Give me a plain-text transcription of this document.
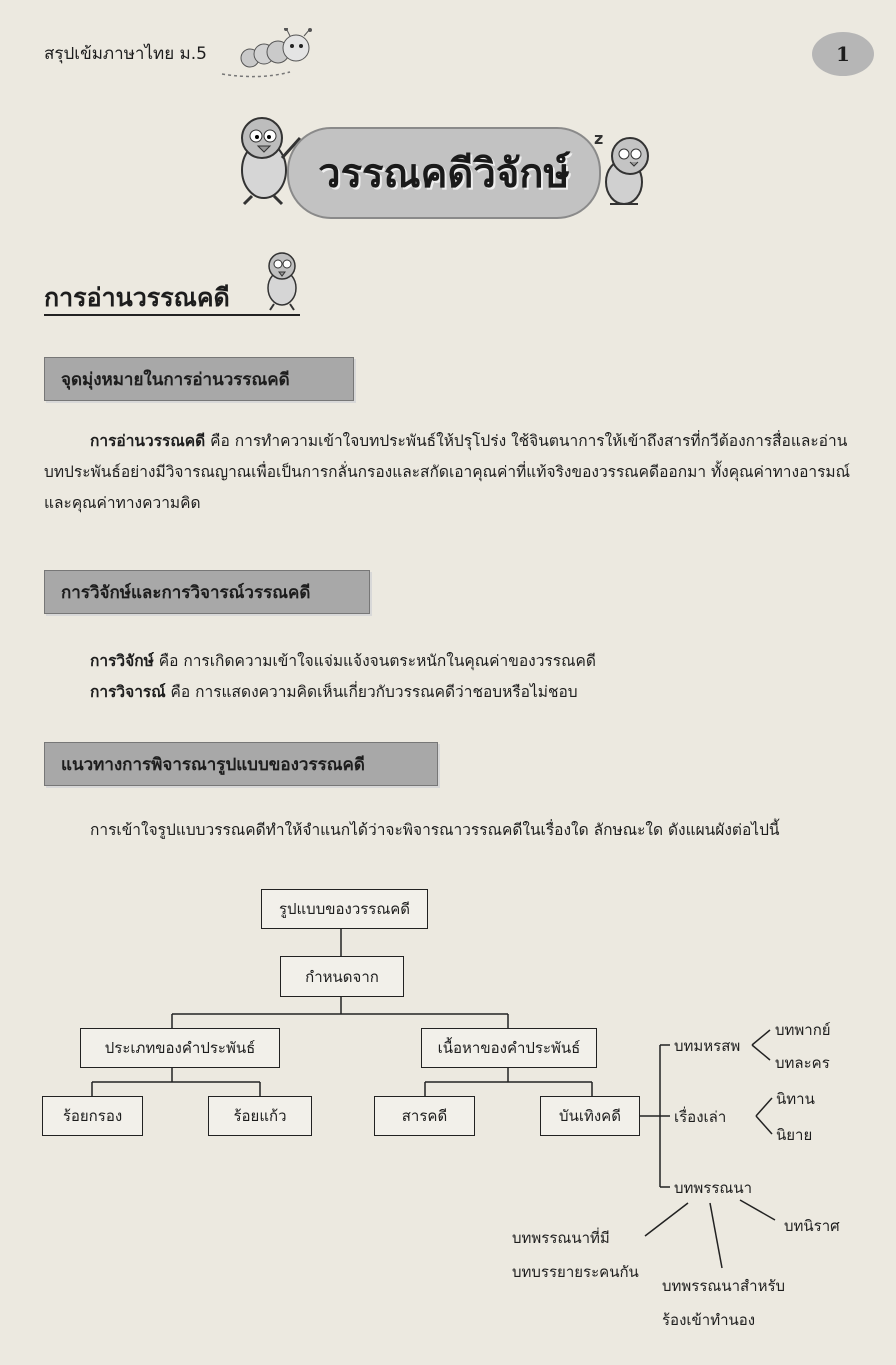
สรุปเข้มภาษาไทย ม.5	1
วรรณคดีวิจักษ์
z
การอ่านวรรณคดี
จุดมุ่งหมายในการอ่านวรรณคดี

การอ่านวรรณคดี คือ การทำความเข้าใจบทประพันธ์ให้ปรุโปร่ง ใช้จินตนาการให้เข้าถึงสารที่กวีต้องการสื่อและอ่านบทประพันธ์อย่างมีวิจารณญาณเพื่อเป็นการกลั่นกรองและสกัดเอาคุณค่าที่แท้จริงของวรรณคดีออกมา ทั้งคุณค่าทางอารมณ์และคุณค่าทางความคิด

การวิจักษ์และการวิจารณ์วรรณคดี

การวิจักษ์ คือ การเกิดความเข้าใจแจ่มแจ้งจนตระหนักในคุณค่าของวรรณคดี

การวิจารณ์ คือ การแสดงความคิดเห็นเกี่ยวกับวรรณคดีว่าชอบหรือไม่ชอบ

แนวทางการพิจารณารูปแบบของวรรณคดี

การเข้าใจรูปแบบวรรณคดีทำให้จำแนกได้ว่าจะพิจารณาวรรณคดีในเรื่องใด ลักษณะใด ดังแผนผังต่อไปนี้

รูปแบบของวรรณคดี
กำหนดจาก
ประเภทของคำประพันธ์	เนื้อหาของคำประพันธ์
ร้อยกรอง	ร้อยแก้ว	สารคดี	บันเทิงคดี
บทมหรสพ
บทพากย์
บทละคร
เรื่องเล่า
นิทาน
นิยาย
บทพรรณนา
บทพรรณนาที่มี
บทบรรยายระคนกัน
บทพรรณนาสำหรับ
ร้องเข้าทำนอง
บทนิราศ
